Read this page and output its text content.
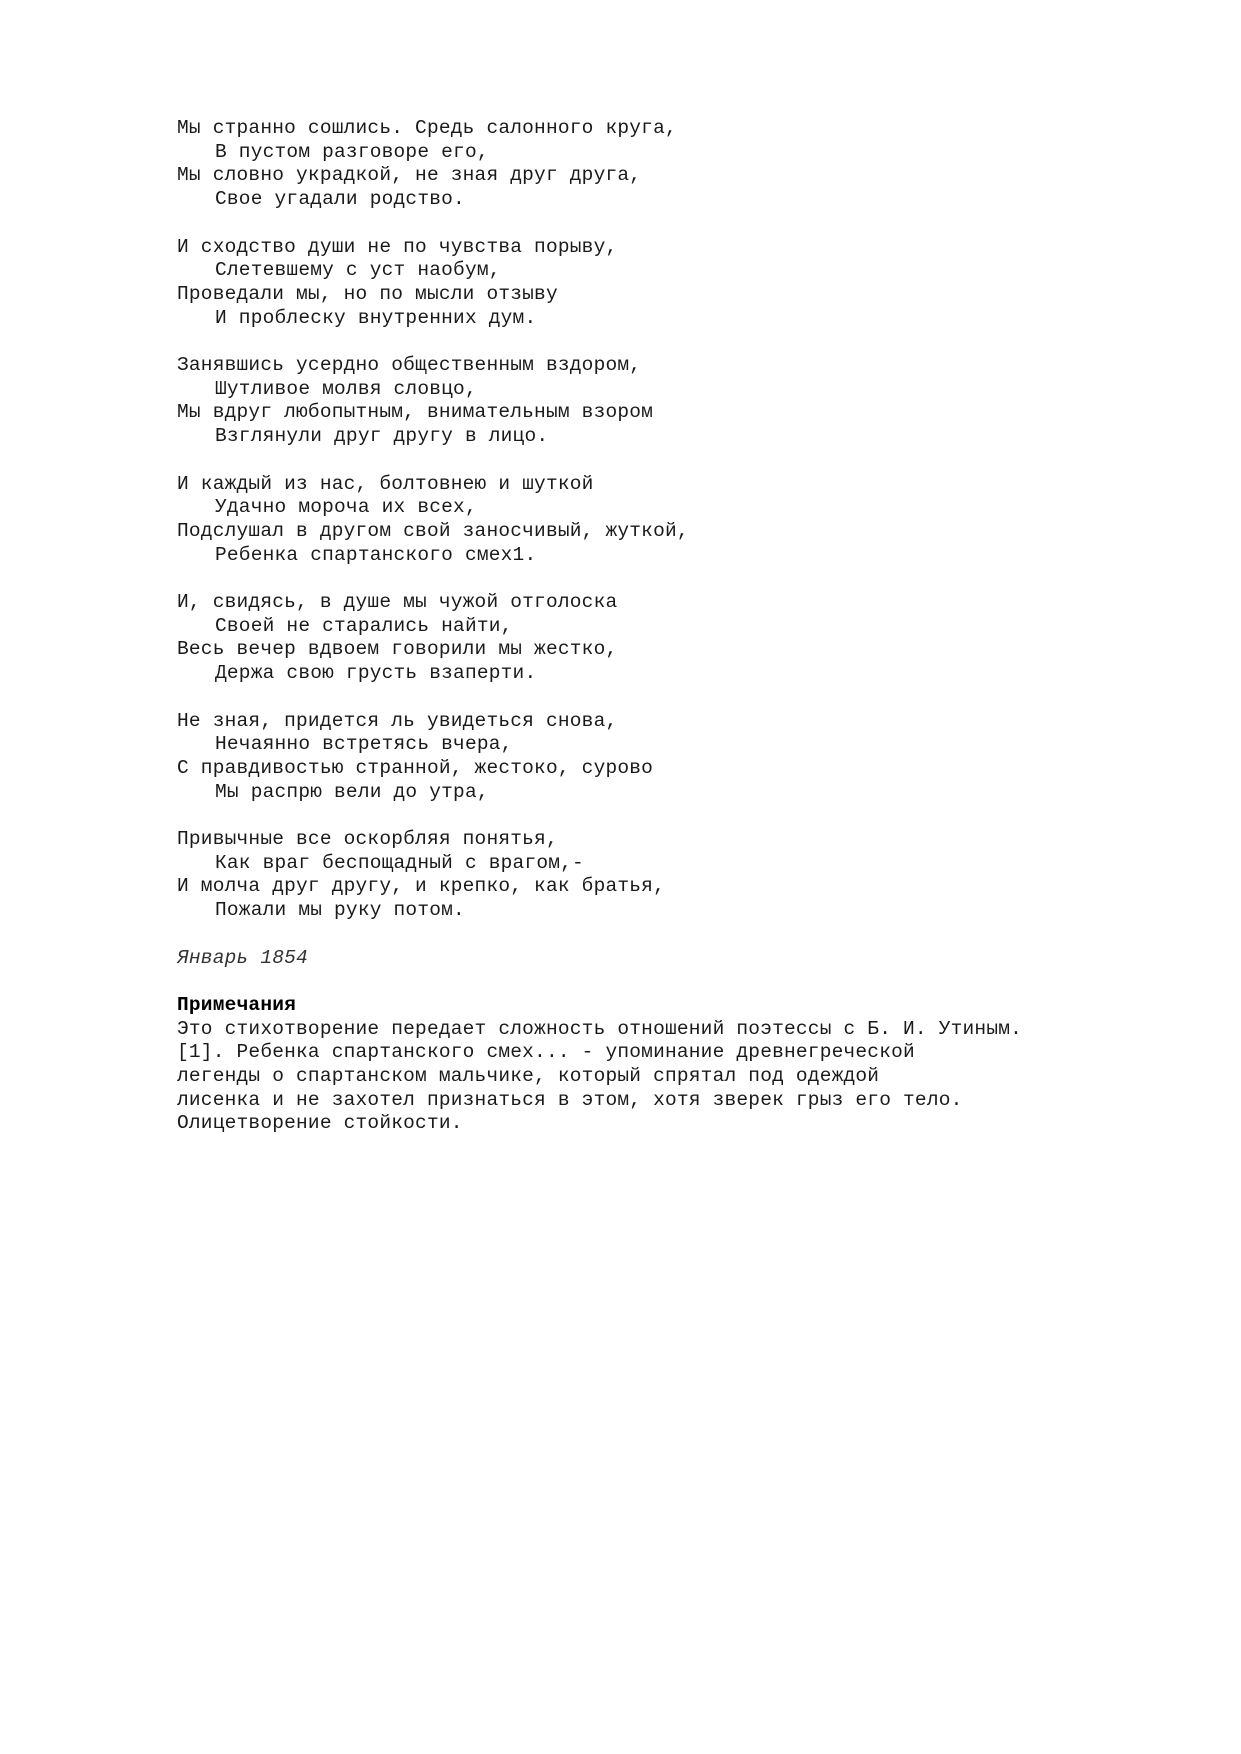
Мы странно сошлись. Средь салонного круга,
В пустом разговоре его,
Мы словно украдкой, не зная друг друга,
Свое угадали родство.
И сходство души не по чувства порыву,
Слетевшему с уст наобум,
Проведали мы, но по мысли отзыву
И проблеску внутренних дум.
Занявшись усердно общественным вздором,
Шутливое молвя словцо,
Мы вдруг любопытным, внимательным взором
Взглянули друг другу в лицо.
И каждый из нас, болтовнею и шуткой
Удачно мороча их всех,
Подслушал в другом свой заносчивый, жуткой,
Ребенка спартанского смех1.
И, свидясь, в душе мы чужой отголоска
Своей не старались найти,
Весь вечер вдвоем говорили мы жестко,
Держа свою грусть взаперти.
Не зная, придется ль увидеться снова,
Нечаянно встретясь вчера,
С правдивостью странной, жестоко, сурово
Мы распрю вели до утра,
Привычные все оскорбляя понятья,
Как враг беспощадный с врагом,-
И молча друг другу, и крепко, как братья,
Пожали мы руку потом.
Январь 1854
Примечания
Это стихотворение передает сложность отношений поэтессы с Б. И. Утиным.
[1]. Ребенка спартанского смех... - упоминание древнегреческой
легенды о спартанском мальчике, который спрятал под одеждой
лисенка и не захотел признаться в этом, хотя зверек грыз его тело.
Олицетворение стойкости.
